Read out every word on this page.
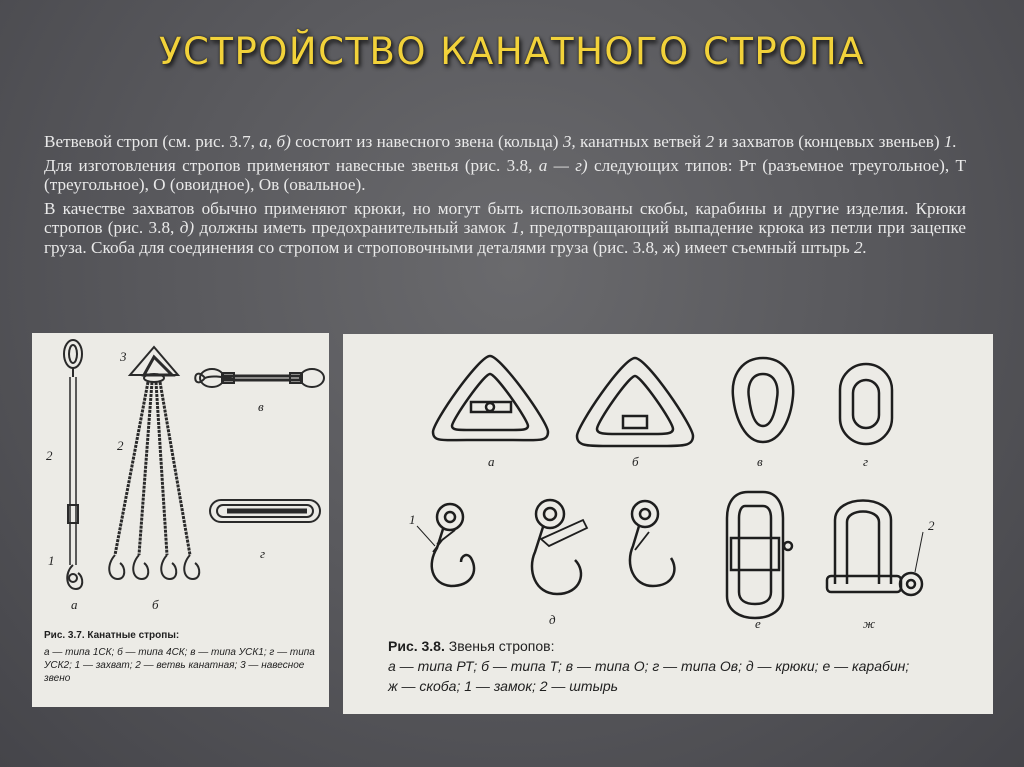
УСТРОЙСТВО КАНАТНОГО СТРОПА

Ветвевой строп (см. рис. 3.7, а, б) состоит из навесного звена (кольца) 3, канатных ветвей 2 и захватов (концевых звеньев) 1.

Для изготовления стропов применяют навесные звенья (рис. 3.8, а — г) следующих типов: Рт (разъемное треугольное), Т (треугольное), О (овоидное), Ов (овальное).

В качестве захватов обычно применяют крюки, но могут быть использованы скобы, карабины и другие изделия. Крюки стропов (рис. 3.8, д) должны иметь предохранительный замок 1, предотвращающий выпадение крюка из петли при зацепке груза. Скоба для соединения со стропом и строповочными деталями груза (рис. 3.8, ж) имеет съемный штырь 2.

3
2
2
1
а	б
в
г
Рис. 3.7. Канатные стропы:
а — типа 1СК; б — типа 4СК; в — типа УСК1; г — типа УСК2; 1 — захват; 2 — ветвь канатная; 3 — навесное звено
а	б	в	г
д	е	ж
1	2
Рис. 3.8. Звенья стропов:
а — типа РТ; б — типа Т; в — типа О; г — типа Ов; д — крюки; е — карабин;
ж — скоба; 1 — замок; 2 — штырь
